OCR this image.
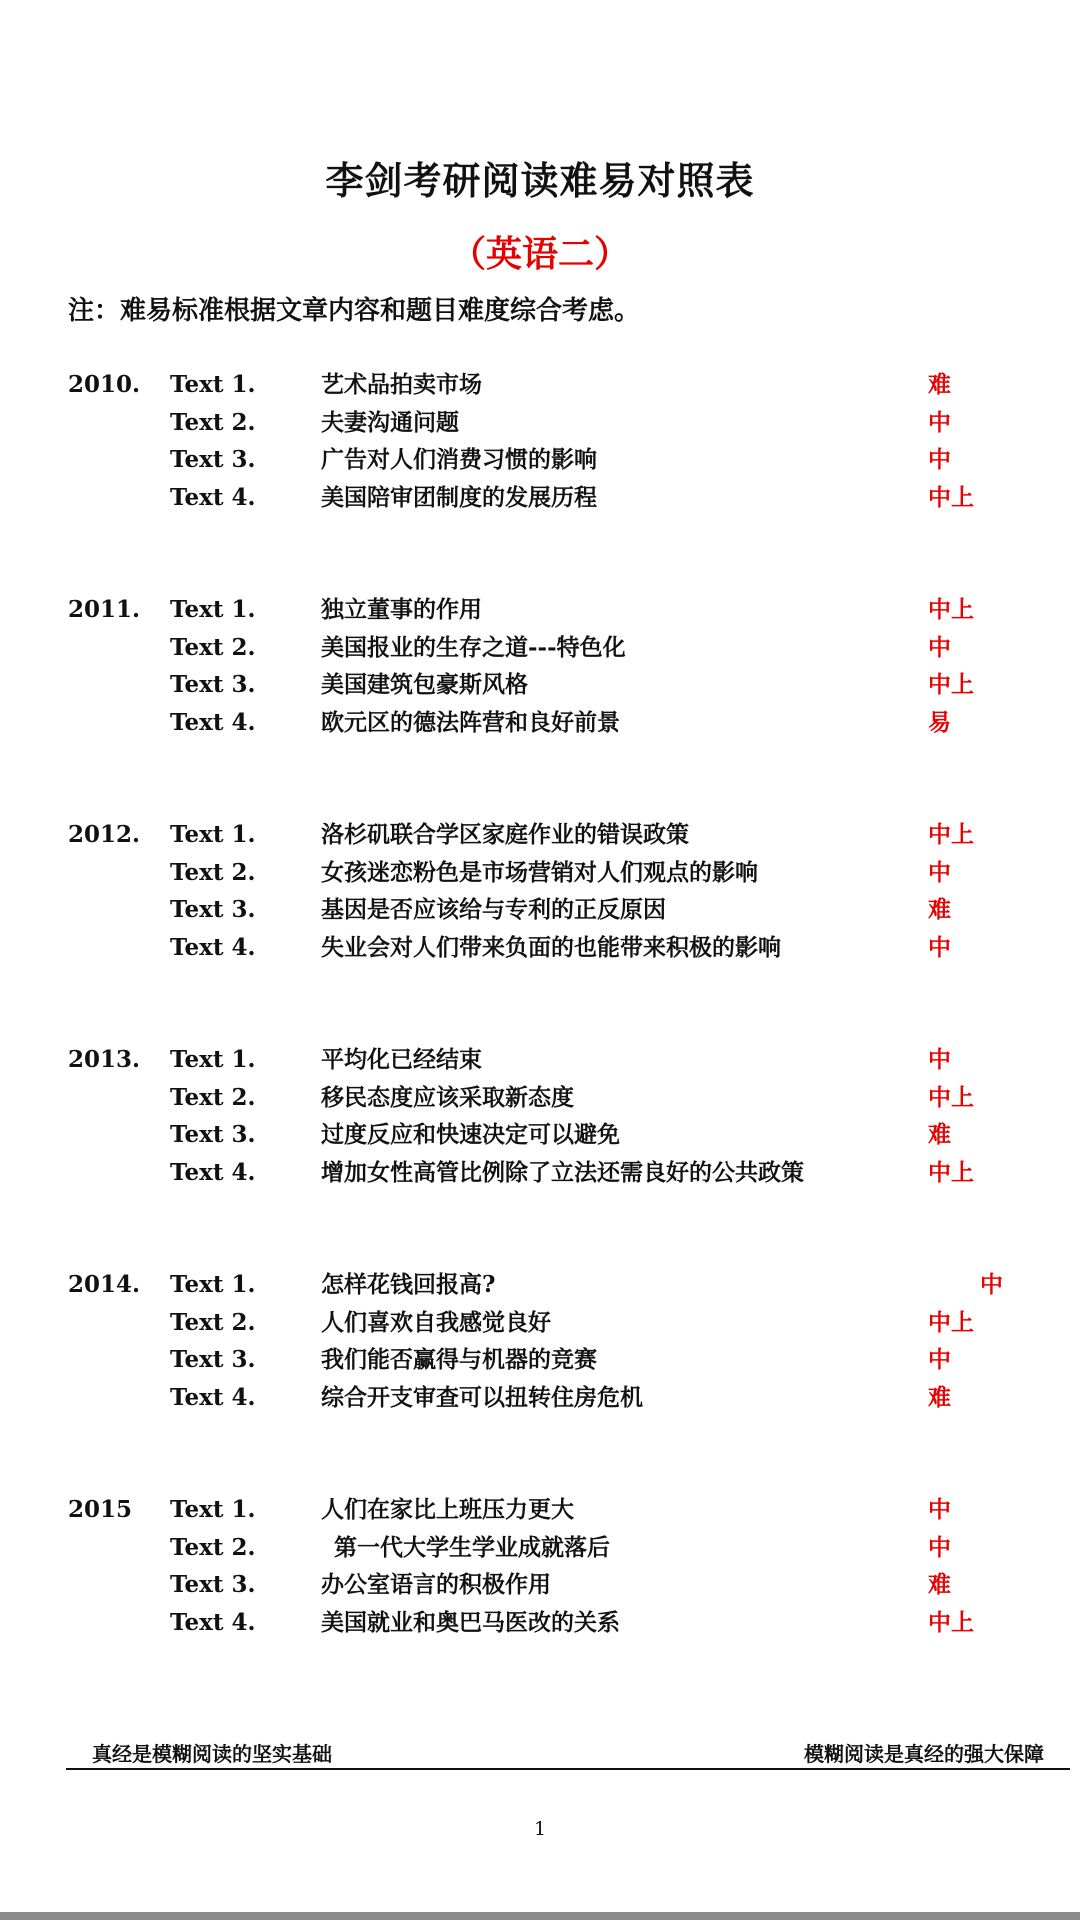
李剑考研阅读难易对照表
（英语二）
注：难易标准根据文章内容和题目难度综合考虑。
2010. Text 1.	艺术品拍卖市场	难
Text 2.	夫妻沟通问题	中
Text 3.	广告对人们消费习惯的影响	中
Text 4.	美国陪审团制度的发展历程	中上
2011. Text 1.	独立董事的作用	中上
Text 2.	美国报业的生存之道---特色化	中
Text 3.	美国建筑包豪斯风格	中上
Text 4.	欧元区的德法阵营和良好前景	易
2012. Text 1.	洛杉矶联合学区家庭作业的错误政策	中上
Text 2.	女孩迷恋粉色是市场营销对人们观点的影响	中
Text 3.	基因是否应该给与专利的正反原因	难
Text 4.	失业会对人们带来负面的也能带来积极的影响	中
2013. Text 1.	平均化已经结束	中
Text 2.	移民态度应该采取新态度	中上
Text 3.	过度反应和快速决定可以避免	难
Text 4.	增加女性高管比例除了立法还需良好的公共政策	中上
2014. Text 1.	怎样花钱回报高?	中
Text 2.	人们喜欢自我感觉良好	中上
Text 3.	我们能否赢得与机器的竞赛	中
Text 4.	综合开支审查可以扭转住房危机	难
2015 Text 1.	人们在家比上班压力更大	中
Text 2.	第一代大学生学业成就落后	中
Text 3.	办公室语言的积极作用	难
Text 4.	美国就业和奥巴马医改的关系	中上
真经是模糊阅读的坚实基础	模糊阅读是真经的强大保障
1
